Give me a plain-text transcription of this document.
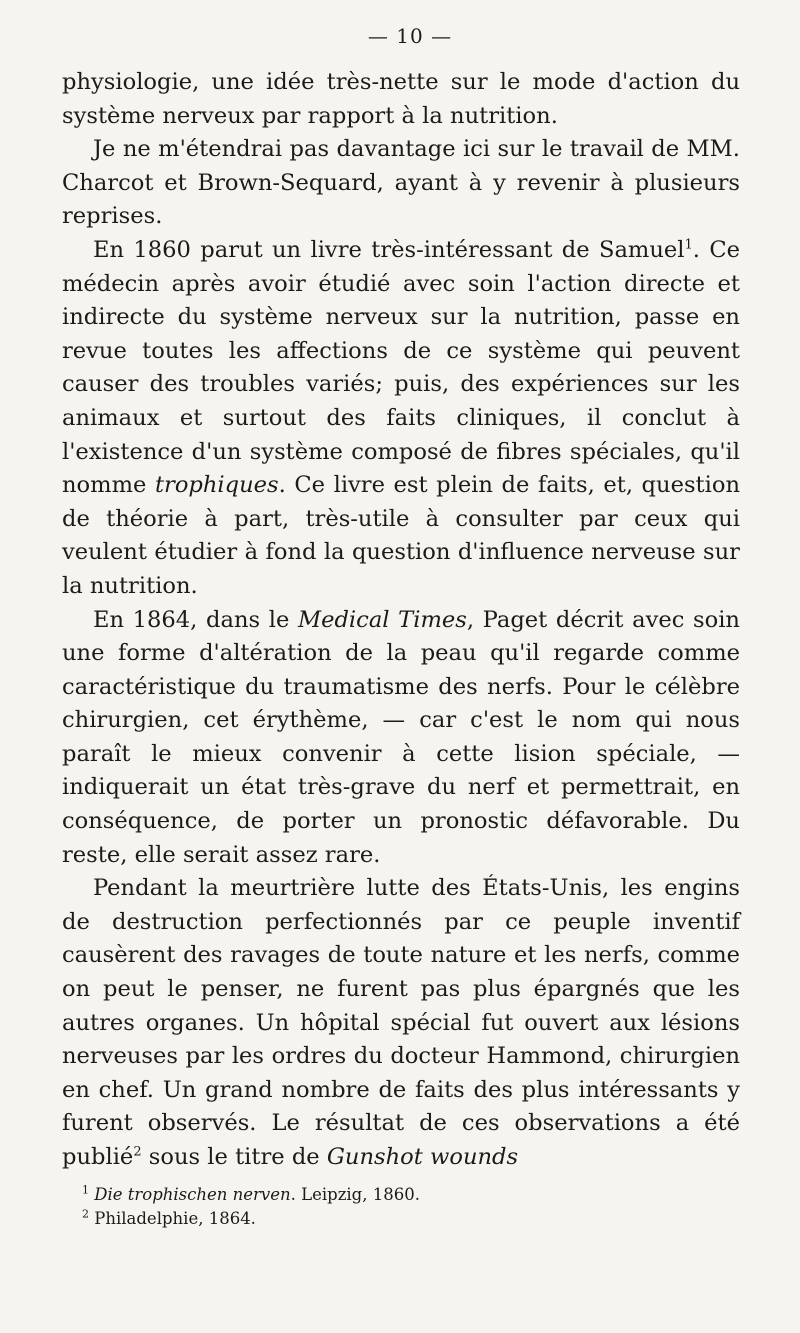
— 10 —

physiologie, une idée très-nette sur le mode d'action du système nerveux par rapport à la nutrition.

Je ne m'étendrai pas davantage ici sur le travail de MM. Charcot et Brown-Sequard, ayant à y revenir à plusieurs reprises.

En 1860 parut un livre très-intéressant de Samuel$^1$. Ce médecin après avoir étudié avec soin l'action directe et indirecte du système nerveux sur la nutrition, passe en revue toutes les affections de ce système qui peuvent causer des troubles variés; puis, des expériences sur les animaux et surtout des faits cliniques, il conclut à l'existence d'un système composé de fibres spéciales, qu'il nomme trophiques. Ce livre est plein de faits, et, question de théorie à part, très-utile à consulter par ceux qui veulent étudier à fond la question d'influence nerveuse sur la nutrition.

En 1864, dans le Medical Times, Paget décrit avec soin une forme d'altération de la peau qu'il regarde comme caractéristique du traumatisme des nerfs. Pour le célèbre chirurgien, cet érythème, — car c'est le nom qui nous paraît le mieux convenir à cette lision spéciale, — indiquerait un état très-grave du nerf et permettrait, en conséquence, de porter un pronostic défavorable. Du reste, elle serait assez rare.

Pendant la meurtrière lutte des États-Unis, les engins de destruction perfectionnés par ce peuple inventif causèrent des ravages de toute nature et les nerfs, comme on peut le penser, ne furent pas plus épargnés que les autres organes. Un hôpital spécial fut ouvert aux lésions nerveuses par les ordres du docteur Hammond, chirurgien en chef. Un grand nombre de faits des plus intéressants y furent observés. Le résultat de ces observations a été publié$^2$ sous le titre de Gunshot wounds

$^1$ Die trophischen nerven. Leipzig, 1860.

$^2$ Philadelphie, 1864.
